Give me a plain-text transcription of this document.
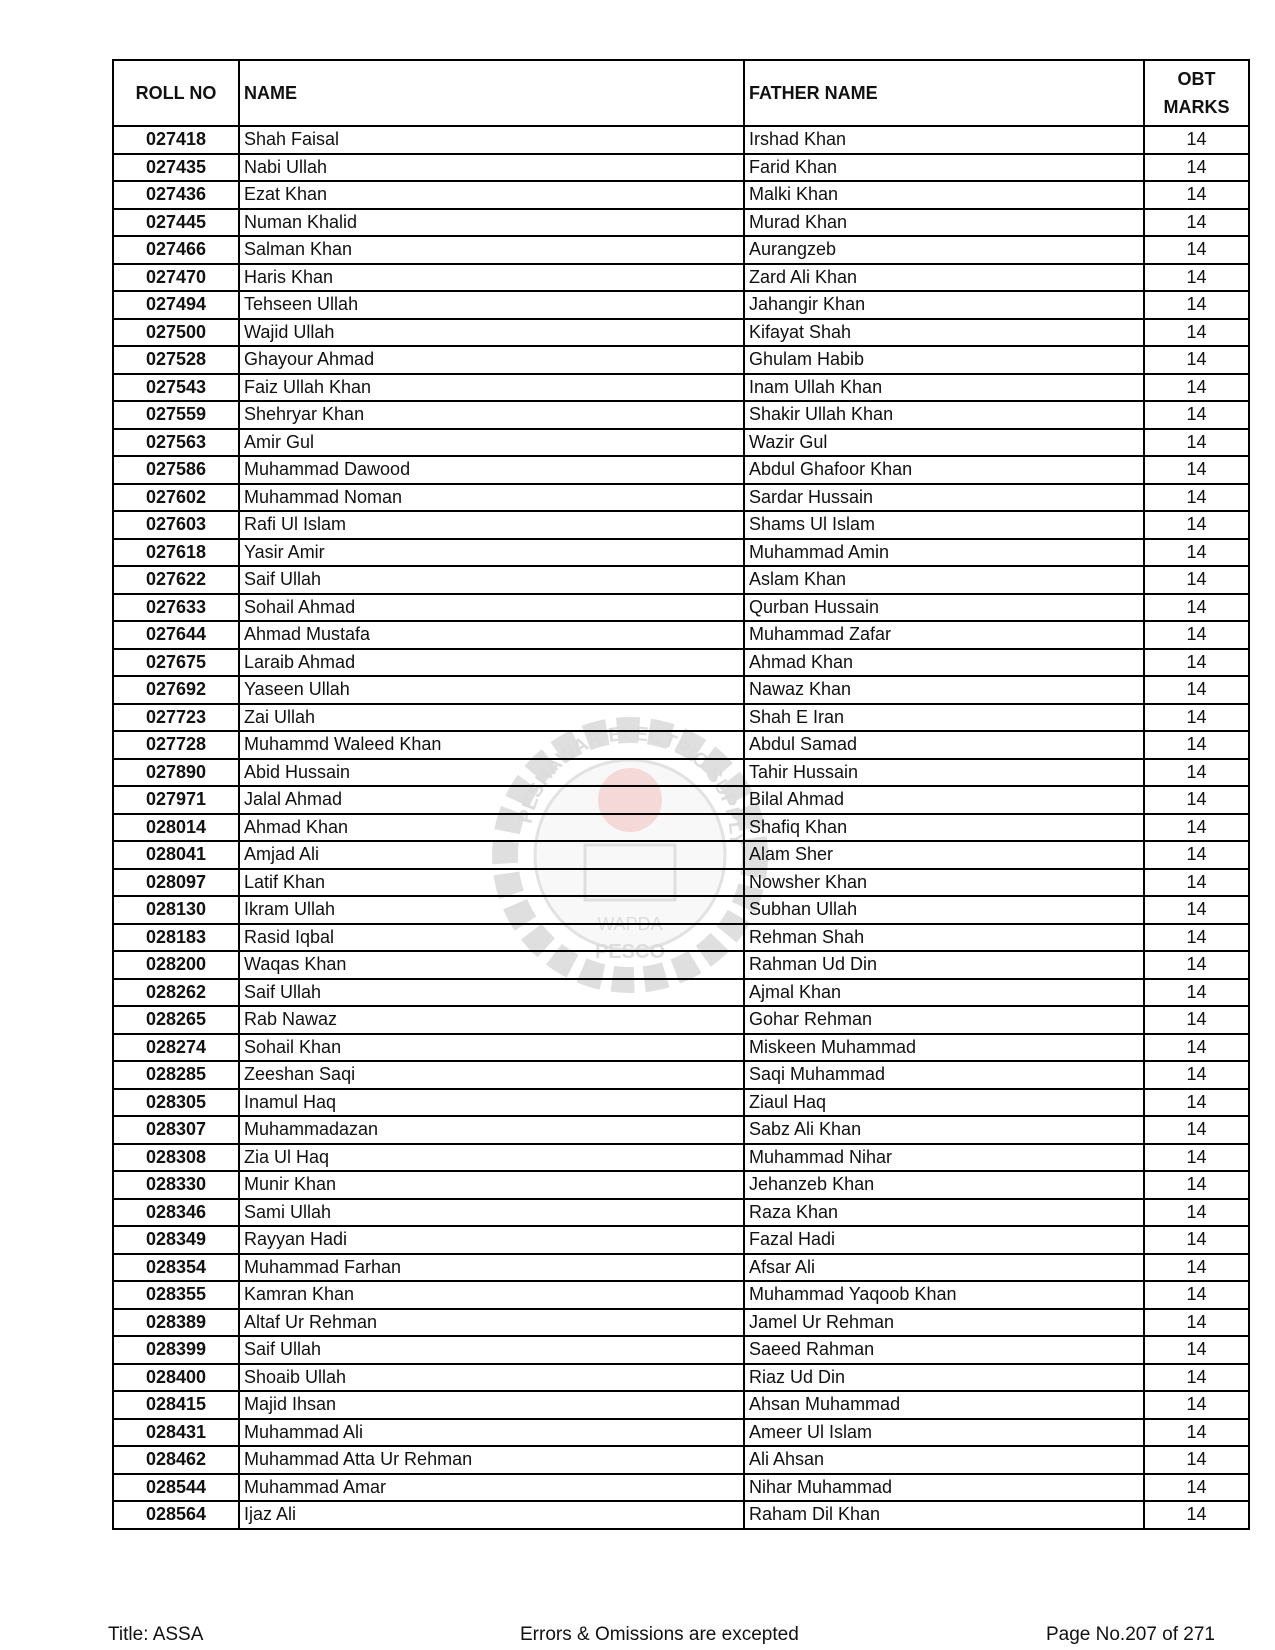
PESHAWAR ELECTRIC SUPPLY
WAPDA
PESCO
ROLL NO	NAME	FATHER NAME	OBT
MARKS
027418	Shah Faisal	Irshad Khan	14
027435	Nabi Ullah	Farid Khan	14
027436	Ezat Khan	Malki Khan	14
027445	Numan Khalid	Murad Khan	14
027466	Salman Khan	Aurangzeb	14
027470	Haris Khan	Zard Ali Khan	14
027494	Tehseen Ullah	Jahangir Khan	14
027500	Wajid Ullah	Kifayat Shah	14
027528	Ghayour Ahmad	Ghulam Habib	14
027543	Faiz Ullah Khan	Inam Ullah Khan	14
027559	Shehryar Khan	Shakir Ullah Khan	14
027563	Amir Gul	Wazir Gul	14
027586	Muhammad Dawood	Abdul Ghafoor Khan	14
027602	Muhammad Noman	Sardar Hussain	14
027603	Rafi Ul Islam	Shams Ul Islam	14
027618	Yasir Amir	Muhammad Amin	14
027622	Saif Ullah	Aslam Khan	14
027633	Sohail Ahmad	Qurban Hussain	14
027644	Ahmad Mustafa	Muhammad Zafar	14
027675	Laraib Ahmad	Ahmad Khan	14
027692	Yaseen Ullah	Nawaz Khan	14
027723	Zai Ullah	Shah E Iran	14
027728	Muhammd Waleed Khan	Abdul Samad	14
027890	Abid Hussain	Tahir Hussain	14
027971	Jalal Ahmad	Bilal Ahmad	14
028014	Ahmad Khan	Shafiq Khan	14
028041	Amjad Ali	Alam Sher	14
028097	Latif Khan	Nowsher Khan	14
028130	Ikram Ullah	Subhan Ullah	14
028183	Rasid Iqbal	Rehman Shah	14
028200	Waqas Khan	Rahman Ud Din	14
028262	Saif Ullah	Ajmal Khan	14
028265	Rab Nawaz	Gohar Rehman	14
028274	Sohail Khan	Miskeen Muhammad	14
028285	Zeeshan Saqi	Saqi Muhammad	14
028305	Inamul Haq	Ziaul Haq	14
028307	Muhammadazan	Sabz Ali Khan	14
028308	Zia Ul Haq	Muhammad Nihar	14
028330	Munir Khan	Jehanzeb Khan	14
028346	Sami Ullah	Raza Khan	14
028349	Rayyan Hadi	Fazal Hadi	14
028354	Muhammad Farhan	Afsar Ali	14
028355	Kamran Khan	Muhammad Yaqoob Khan	14
028389	Altaf Ur Rehman	Jamel Ur Rehman	14
028399	Saif Ullah	Saeed Rahman	14
028400	Shoaib Ullah	Riaz Ud Din	14
028415	Majid Ihsan	Ahsan Muhammad	14
028431	Muhammad Ali	Ameer Ul Islam	14
028462	Muhammad Atta Ur Rehman	Ali Ahsan	14
028544	Muhammad Amar	Nihar Muhammad	14
028564	Ijaz Ali	Raham Dil Khan	14
Title: ASSA	Errors & Omissions are excepted	Page No.207 of 271
